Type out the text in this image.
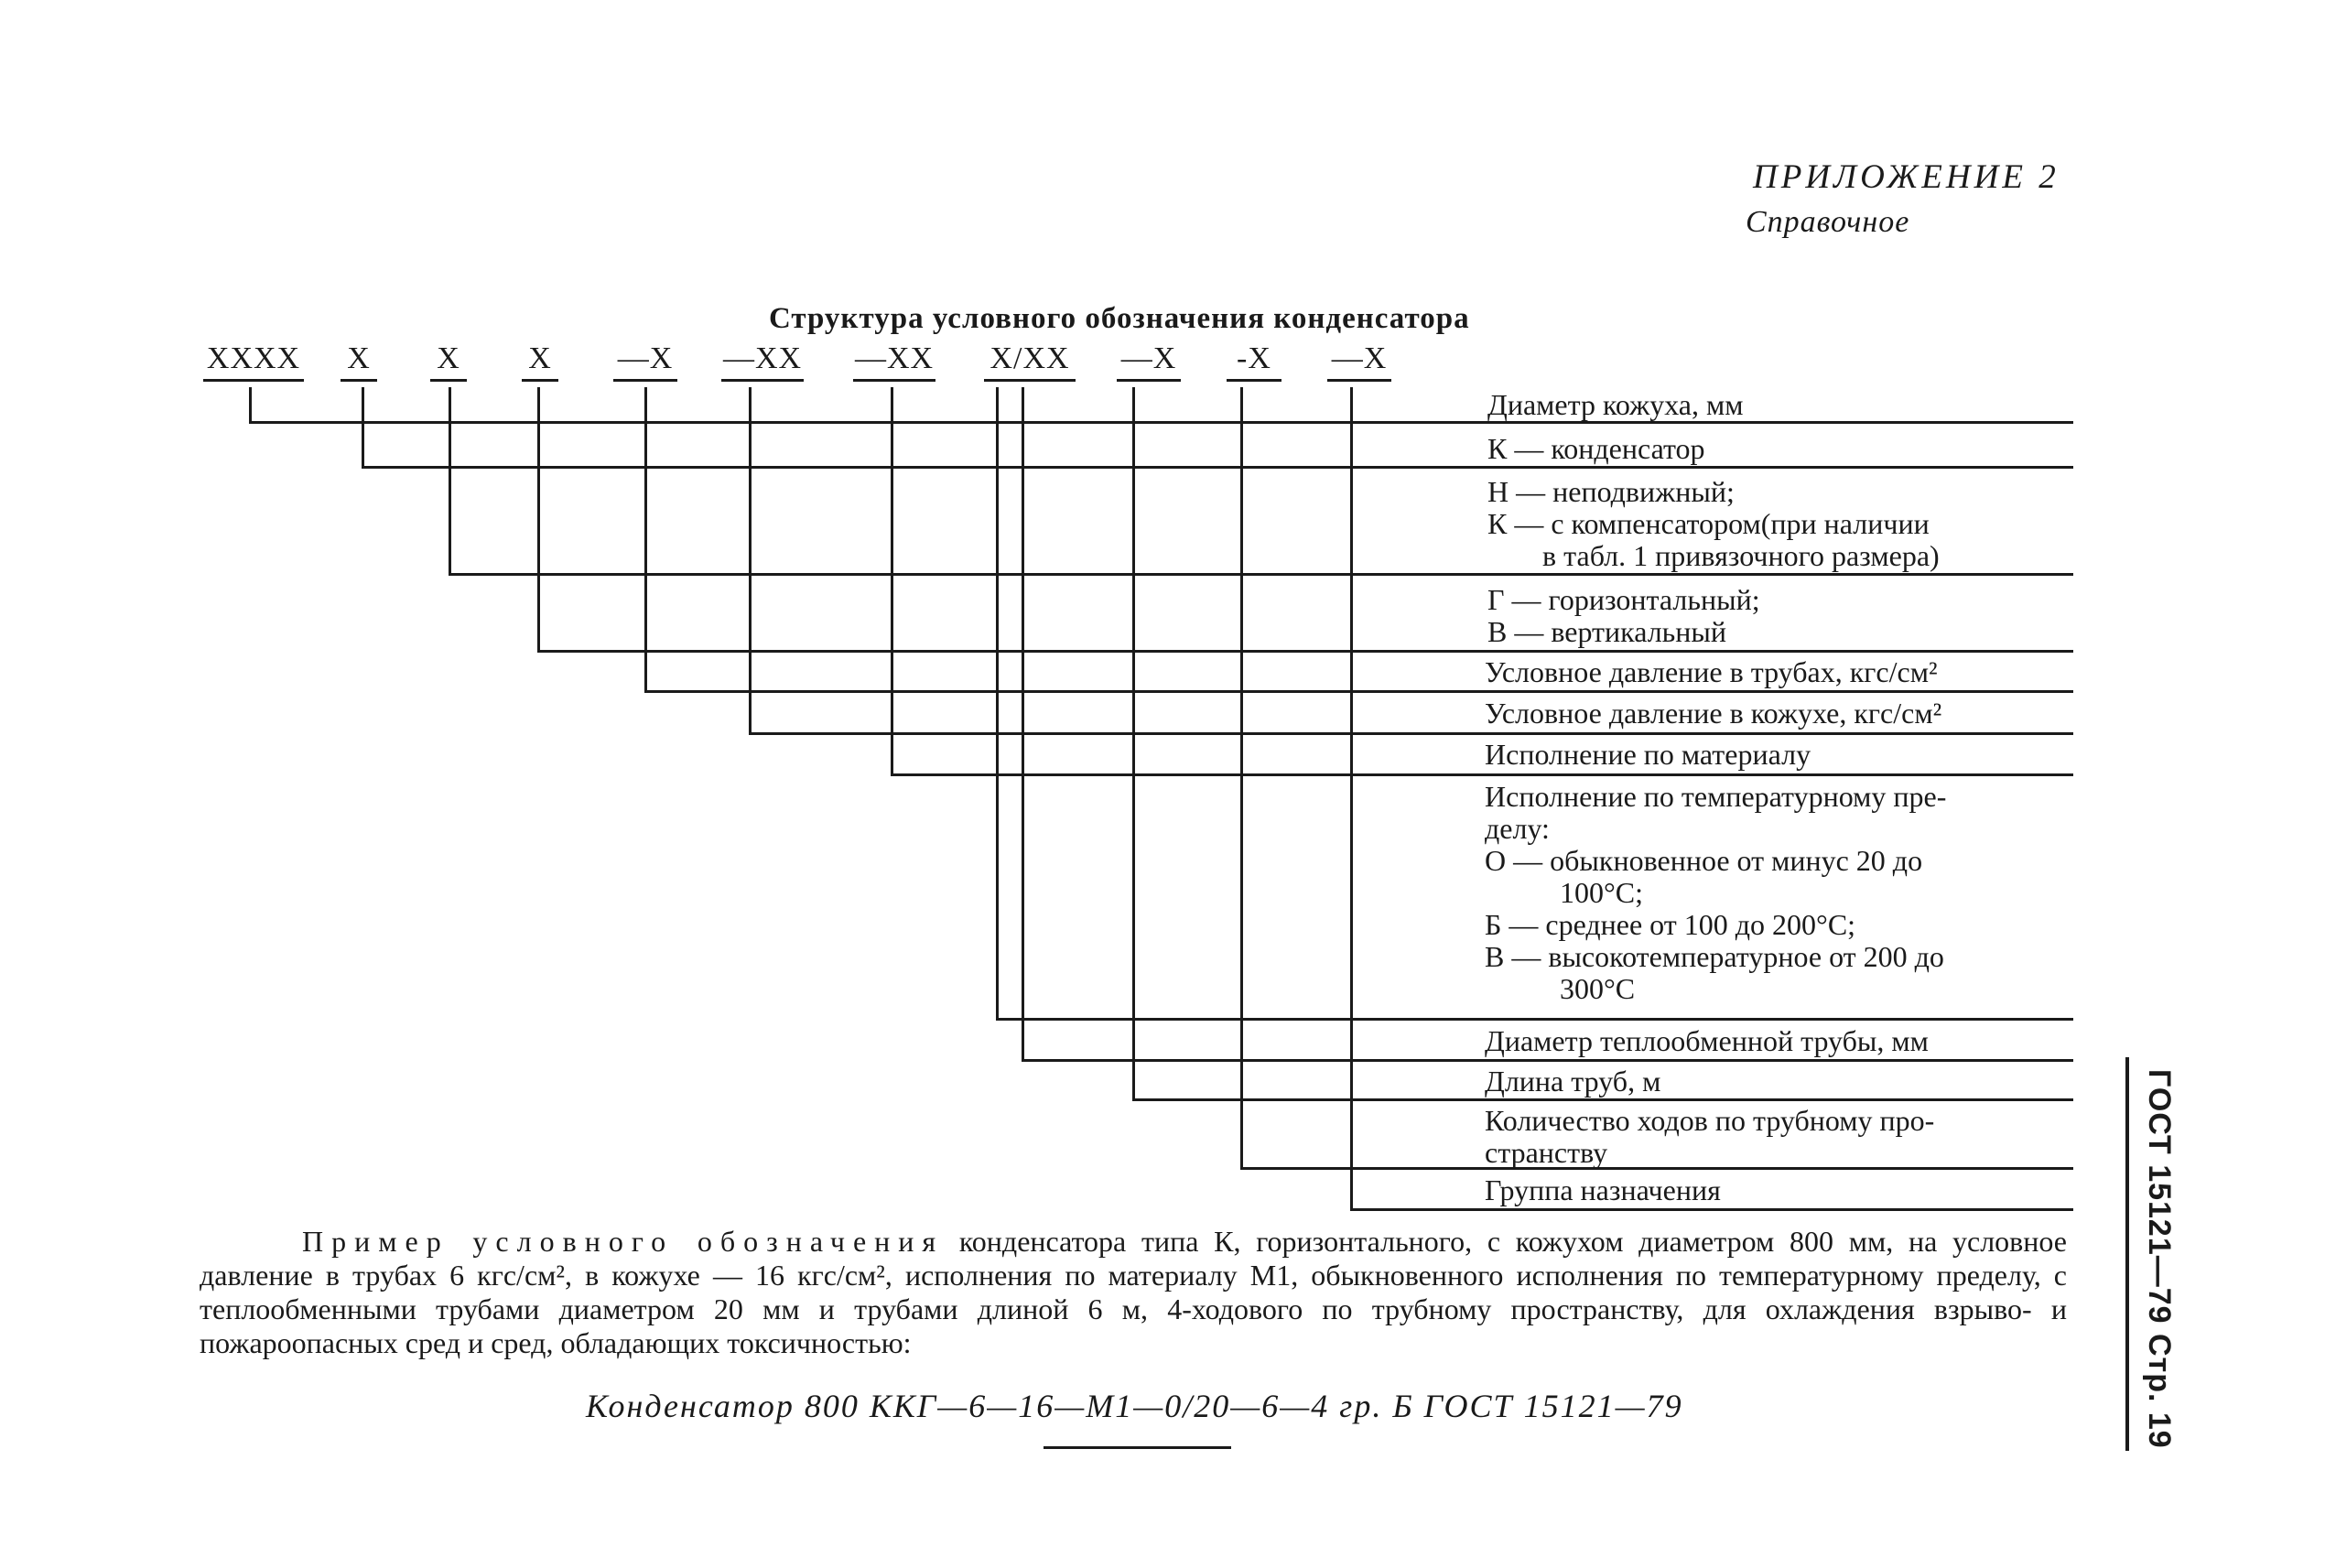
ПРИЛОЖЕНИЕ 2
Справочное
Структура условного обозначения конденсатора
XXXX X X X —X —XX —XX X/XX —X	-X	—X
Диаметр кожуха, мм
К — конденсатор
Н — неподвижный;
К — с компенсатором(при наличии
в табл. 1 привязочного размера)
Г — горизонтальный;
В — вертикальный
Условное давление в трубах, кгс/см²
Условное давление в кожухе, кгс/см²
Исполнение по материалу
Исполнение по температурному пре-
делу:
О — обыкновенное от минус 20 до
100°С;
Б — среднее от 100 до 200°С;
В — высокотемпературное от 200 до
300°С
Диаметр теплообменной трубы, мм
Длина труб, м
Количество ходов по трубному про-
странству
Группа назначения
Пример условного обозначения конденсатора типа К, горизонтального, с кожухом диаметром 800 мм, на условное давление в трубах 6 кгс/см², в кожухе — 16 кгс/см², исполнения по материалу М1, обыкновенного исполнения по температурному пределу, с теплообменными трубами диаметром 20 мм и трубами длиной 6 м, 4-ходового по трубному пространству, для охлаждения взрыво- и пожароопасных сред и сред, обладающих токсичностью:
Конденсатор 800 ККГ—6—16—М1—0/20—6—4 гр. Б ГОСТ 15121—79	ГОСТ 15121—79 Стр. 19
